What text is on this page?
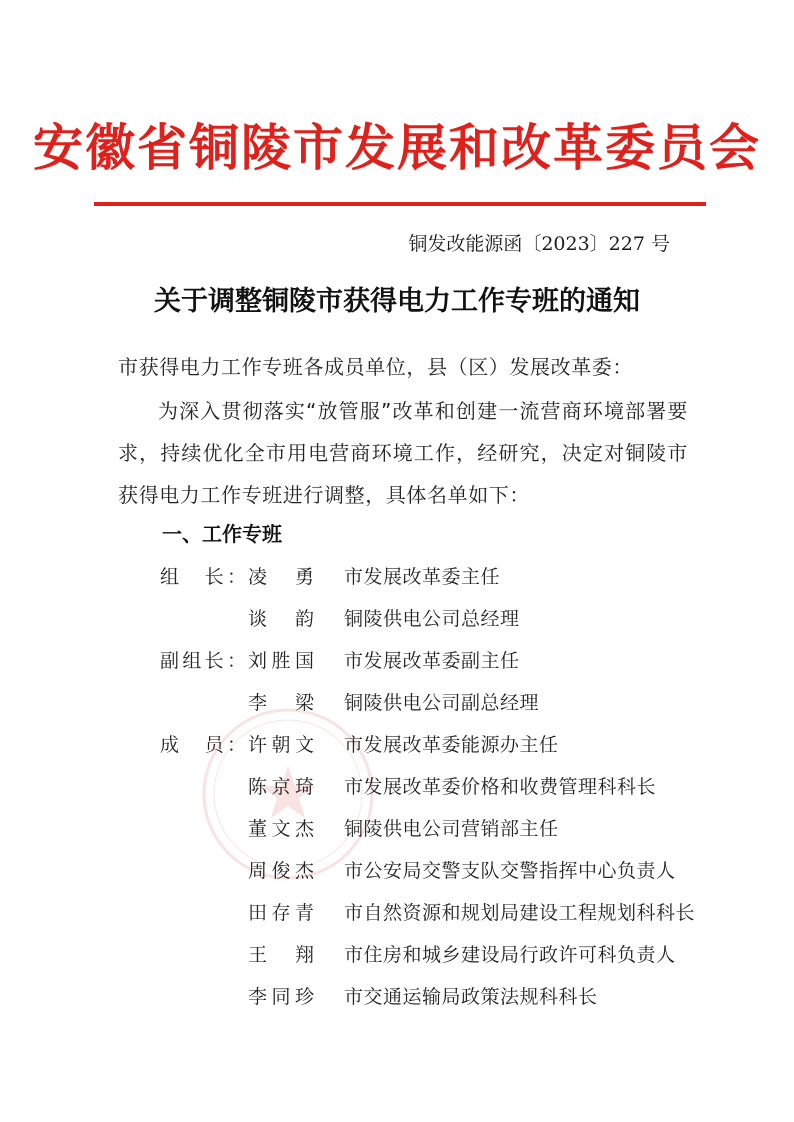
安徽省铜陵市发展和改革委员会
铜发改能源函〔2023〕227 号
关于调整铜陵市获得电力工作专班的通知
市获得电力工作专班各成员单位，县（区）发展改革委：
为深入贯彻落实“放管服”改革和创建一流营商环境部署要求，持续优化全市用电营商环境工作，经研究，决定对铜陵市获得电力工作专班进行调整，具体名单如下：
一、工作专班
组　长： 凌　勇 市发展改革委主任
谈　韵 铜陵供电公司总经理
副组长： 刘胜国 市发展改革委副主任
李　梁 铜陵供电公司副总经理
成　员： 许朝文 市发展改革委能源办主任
陈京琦 市发展改革委价格和收费管理科科长
董文杰 铜陵供电公司营销部主任
周俊杰 市公安局交警支队交警指挥中心负责人
田存青 市自然资源和规划局建设工程规划科科长
王　翔 市住房和城乡建设局行政许可科负责人
李同珍 市交通运输局政策法规科科长
